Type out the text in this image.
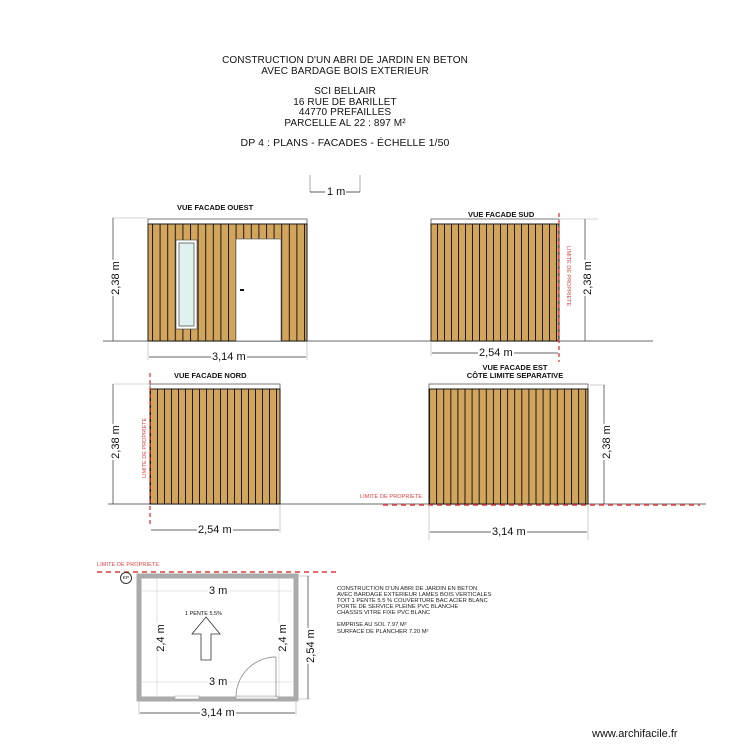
CONSTRUCTION D'UN ABRI DE JARDIN EN BETON
AVEC BARDAGE BOIS EXTERIEUR
SCI BELLAIR
16 RUE DE BARILLET
44770 PREFAILLES
PARCELLE AL 22 : 897 M²
DP 4 : PLANS - FACADES - ÉCHELLE 1/50
1 m
VUE FACADE OUEST
VUE FACADE SUD
VUE FACADE NORD
VUE FACADE EST
CÔTE LIMITE SEPARATIVE
2,38 m
3,14 m
2,38 m
2,54 m
LIMITE DE PROPRIETE
2,38 m
2,54 m
LIMITE DE PROPRIETE	2,38 m
3,14 m
LIMITE DE PROPRIETE
LIMITE DE PROPRIETE
EP
3 m
3 m
2,4 m	2,4 m 2,54 m
3,14 m
1 PENTE 5.5%
CONSTRUCTION D'UN ABRI DE JARDIN EN BETON
AVEC BARDAGE EXTERIEUR LAMES BOIS VERTICALES
TOIT 1 PENTE 5.5 % COUVERTURE BAC ACIER BLANC
PORTE DE SERVICE PLEINE PVC BLANCHE
CHASSIS VITRE FIXE PVC BLANC
EMPRISE AU SOL 7.97 M²
SURFACE DE PLANCHER 7.20 M²
www.archifacile.fr
